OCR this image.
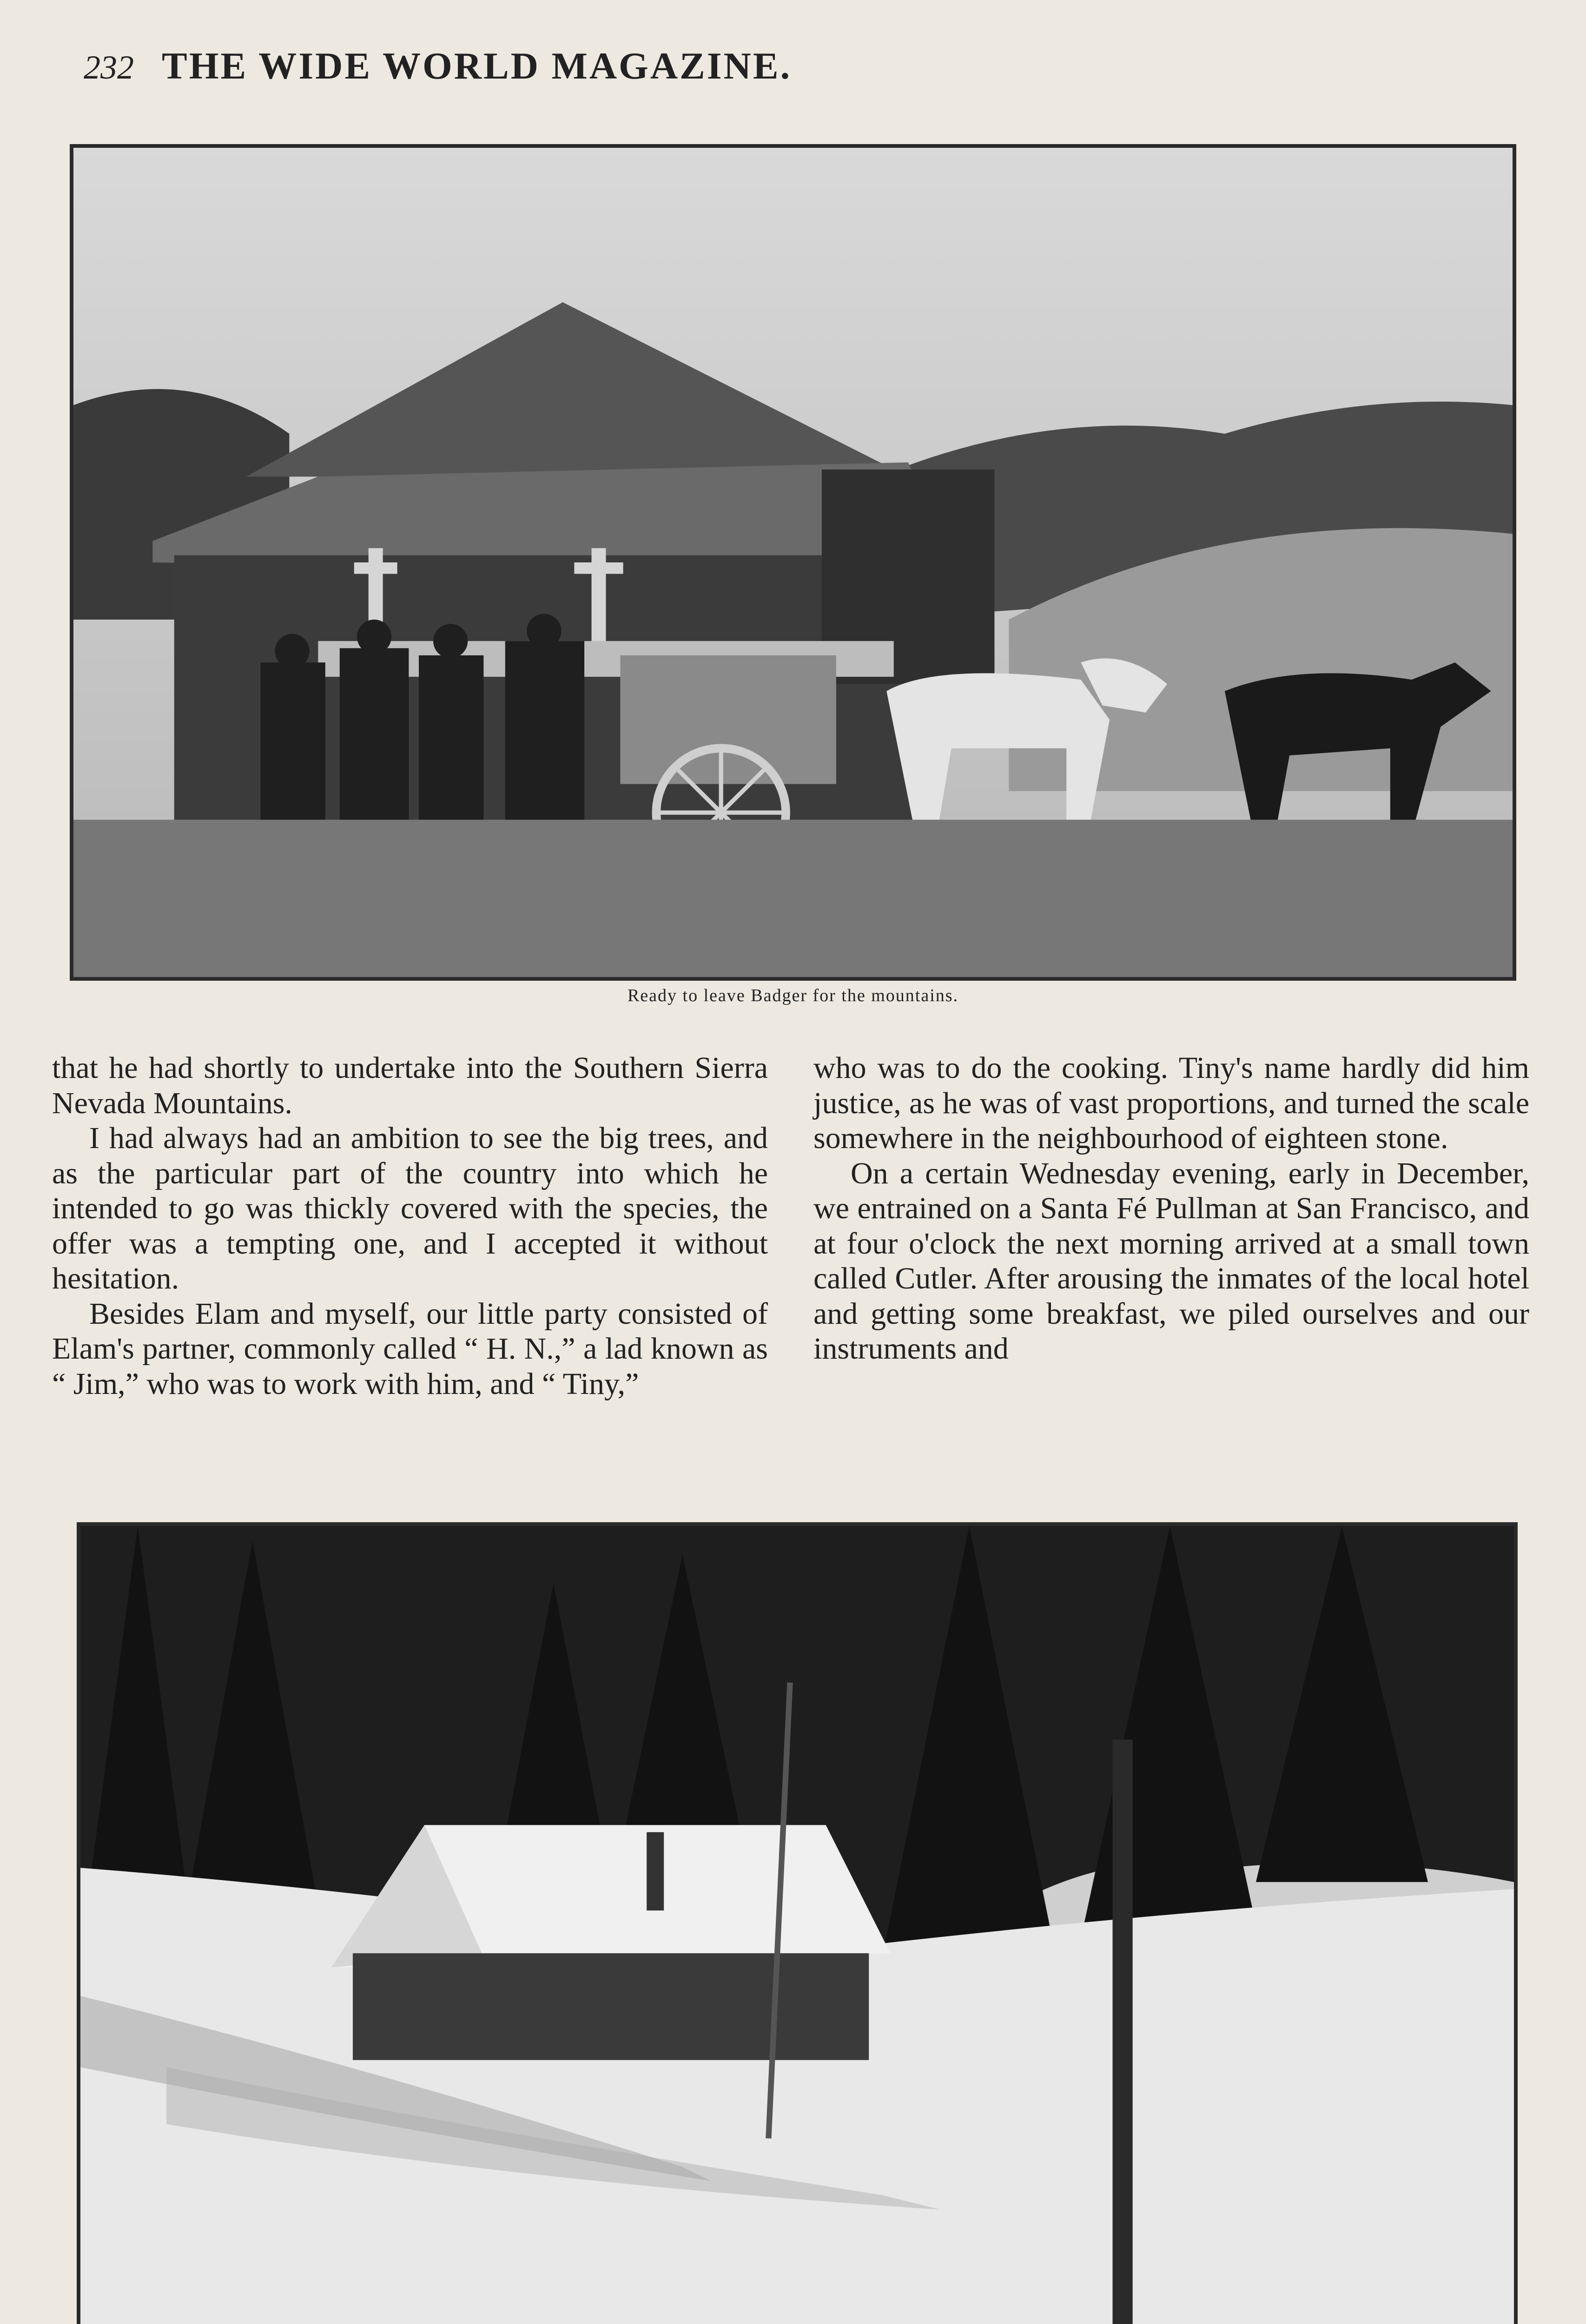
232 THE WIDE WORLD MAGAZINE.
Ready to leave Badger for the mountains.

that he had shortly to undertake into the Southern Sierra Nevada Mountains.

I had always had an ambition to see the big trees, and as the particular part of the country into which he intended to go was thickly covered with the species, the offer was a tempting one, and I accepted it without hesitation.

Besides Elam and myself, our little party consisted of Elam's partner, commonly called “ H. N.,” a lad known as “ Jim,” who was to work with him, and “ Tiny,”

who was to do the cooking. Tiny's name hardly did him justice, as he was of vast proportions, and turned the scale somewhere in the neighbourhood of eighteen stone.

On a certain Wednesday evening, early in December, we entrained on a Santa Fé Pullman at San Francisco, and at four o'clock the next morning arrived at a small town called Cutler. After arousing the inmates of the local hotel and getting some breakfast, we piled ourselves and our instruments and
